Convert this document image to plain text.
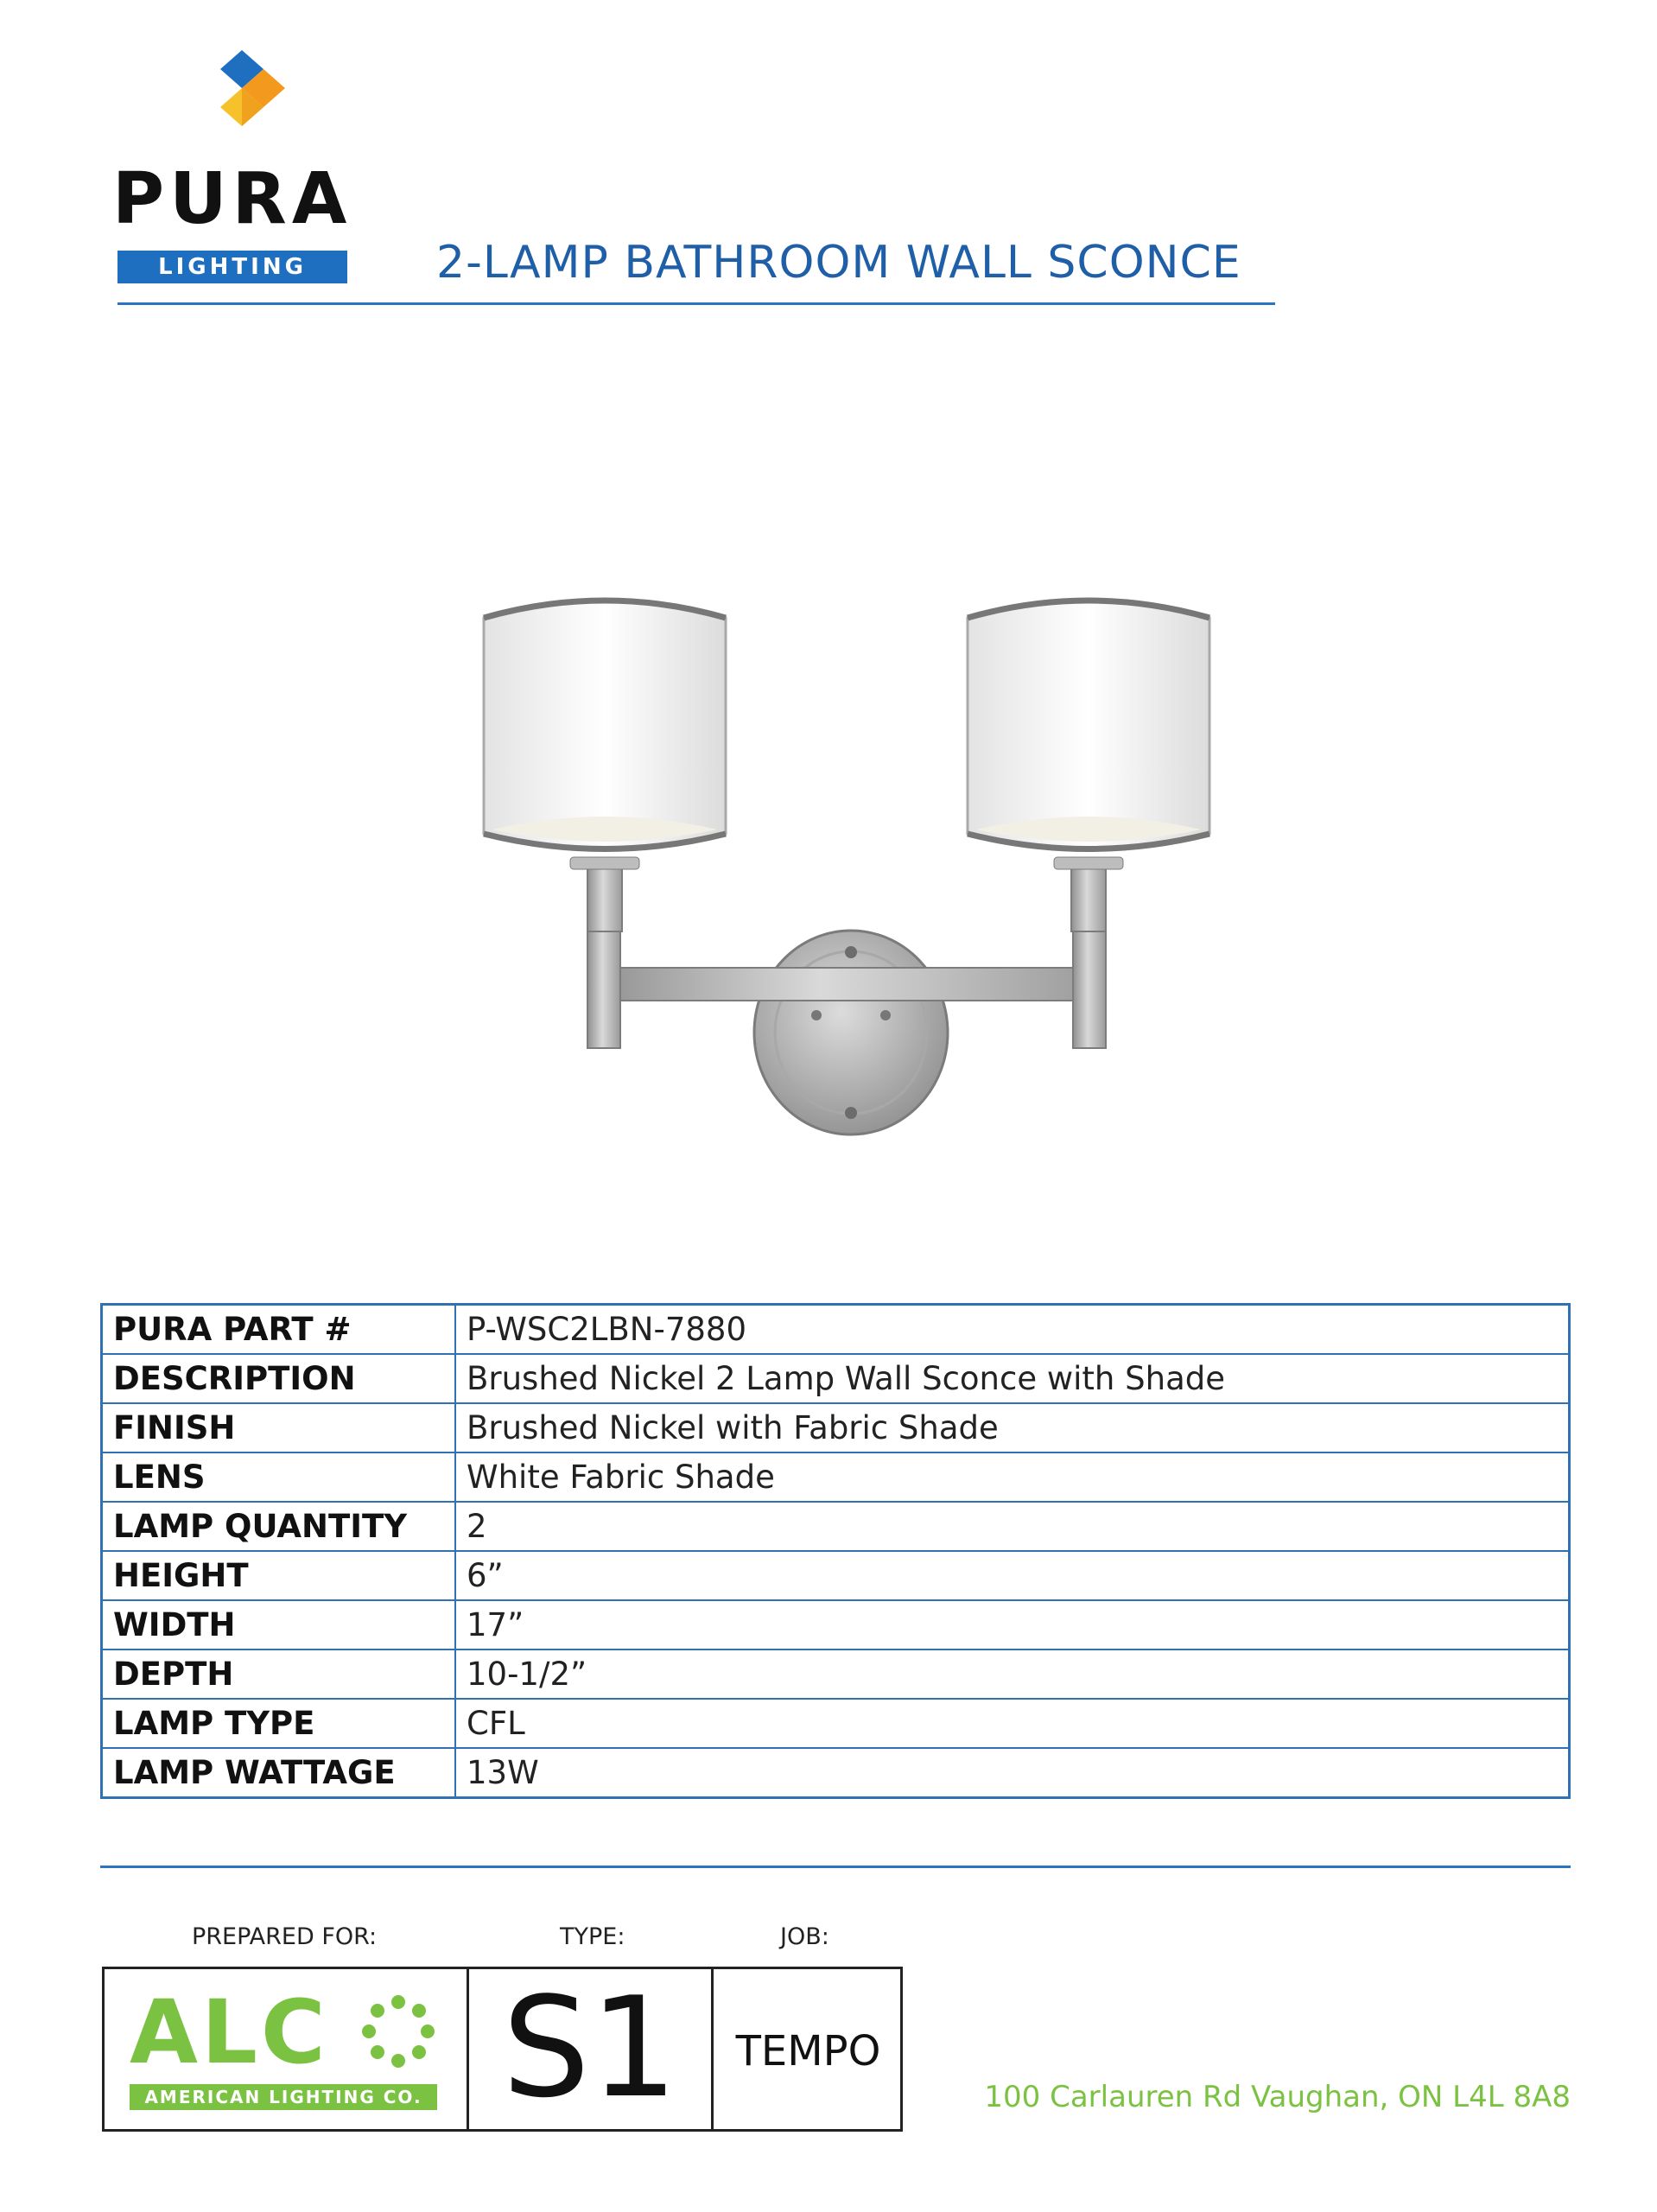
PURA
LIGHTING	2-LAMP BATHROOM WALL SCONCE
PURA PART #	P-WSC2LBN-7880
DESCRIPTION	Brushed Nickel 2 Lamp Wall Sconce with Shade
FINISH	Brushed Nickel with Fabric Shade
LENS	White Fabric Shade
LAMP QUANTITY	2
HEIGHT	6”
WIDTH	17”
DEPTH	10-1/2”
LAMP TYPE	CFL
LAMP WATTAGE	13W
PREPARED FOR:	TYPE:	JOB:
ALC
AMERICAN LIGHTING CO. S1	TEMPO
100 Carlauren Rd Vaughan, ON L4L 8A8
